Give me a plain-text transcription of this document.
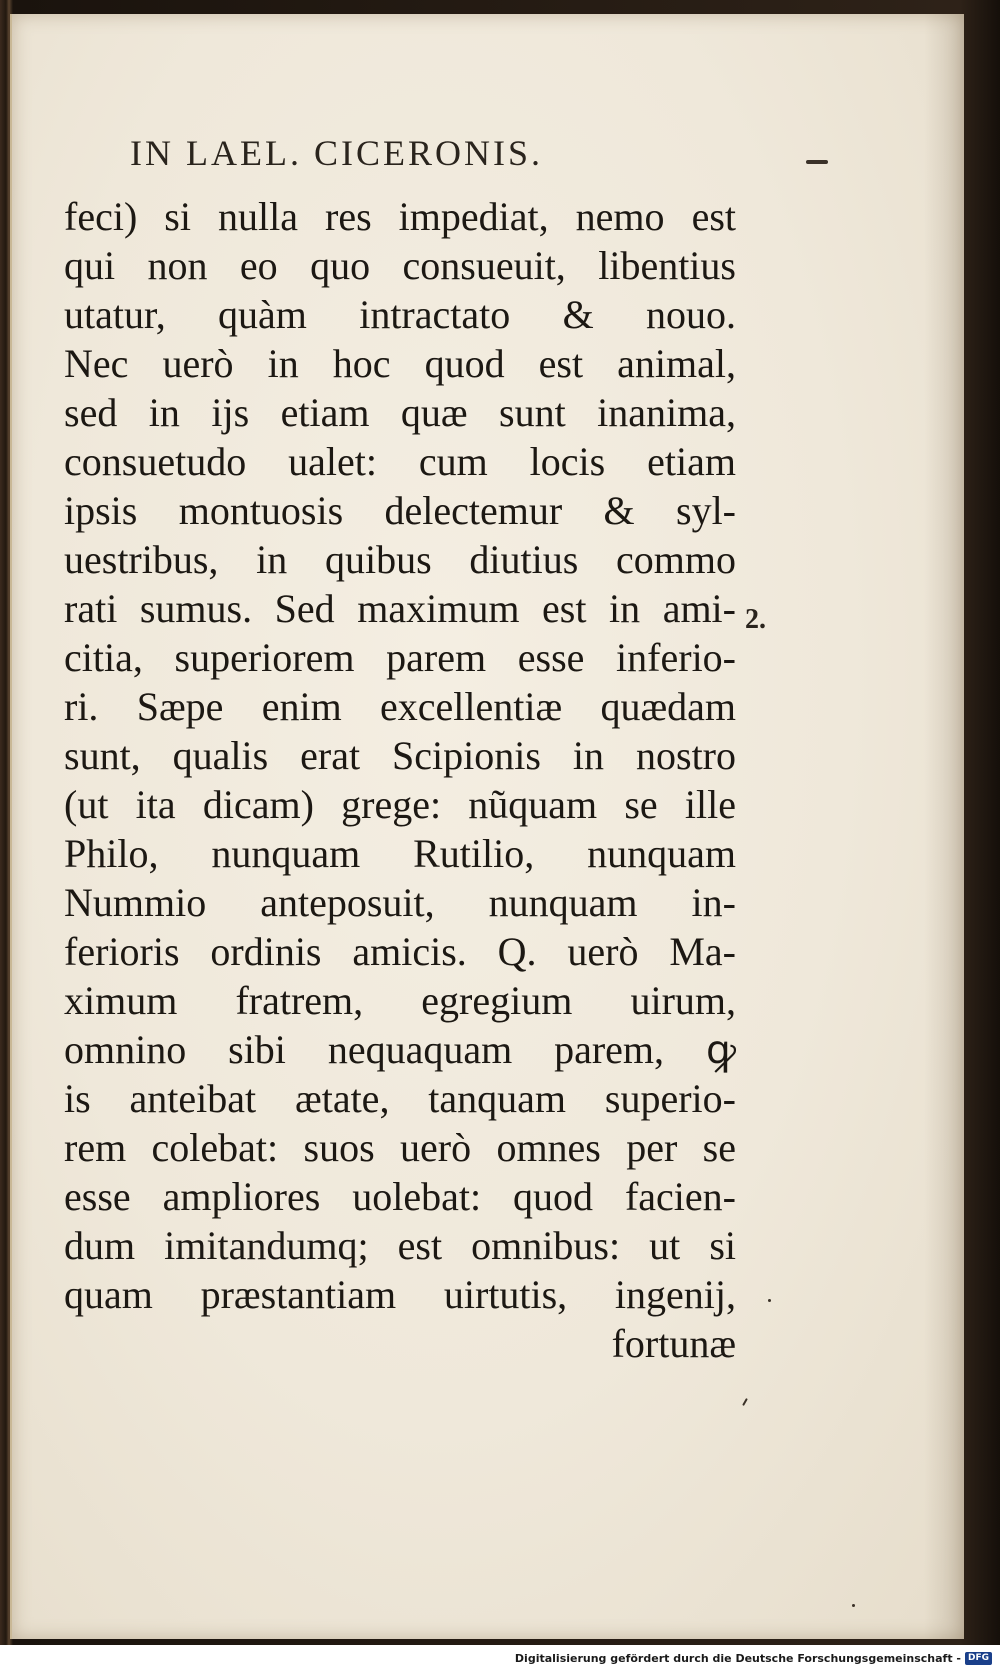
IN LAEL. CICERONIS.
feci) si nulla res impediat, nemo est
qui non eo quo consueuit, libentius
utatur, quàm intractato & nouo.
Nec uerò in hoc quod est animal,
sed in ijs etiam quæ sunt inanima,
consuetudo ualet: cum locis etiam
ipsis montuosis delectemur & syl-
uestribus, in quibus diutius commo
rati sumus. Sed maximum est in ami-
citia, superiorem parem esse inferio-
ri. Sæpe enim excellentiæ quædam
sunt, qualis erat Scipionis in nostro
(ut ita dicam) grege: nũquam se ille
Philo, nunquam Rutilio, nunquam
Nummio anteposuit, nunquam in-
ferioris ordinis amicis. Q. uerò Ma-
ximum fratrem, egregium uirum,
omnino sibi nequaquam parem, ꝙ
is anteibat ætate, tanquam superio-
rem colebat: suos uerò omnes per se
esse ampliores uolebat: quod facien-
dum imitandumq; est omnibus: ut si
quam præstantiam uirtutis, ingenij,
fortunæ

2.

Digitalisierung gefördert durch die Deutsche Forschungsgemeinschaft - DFG
